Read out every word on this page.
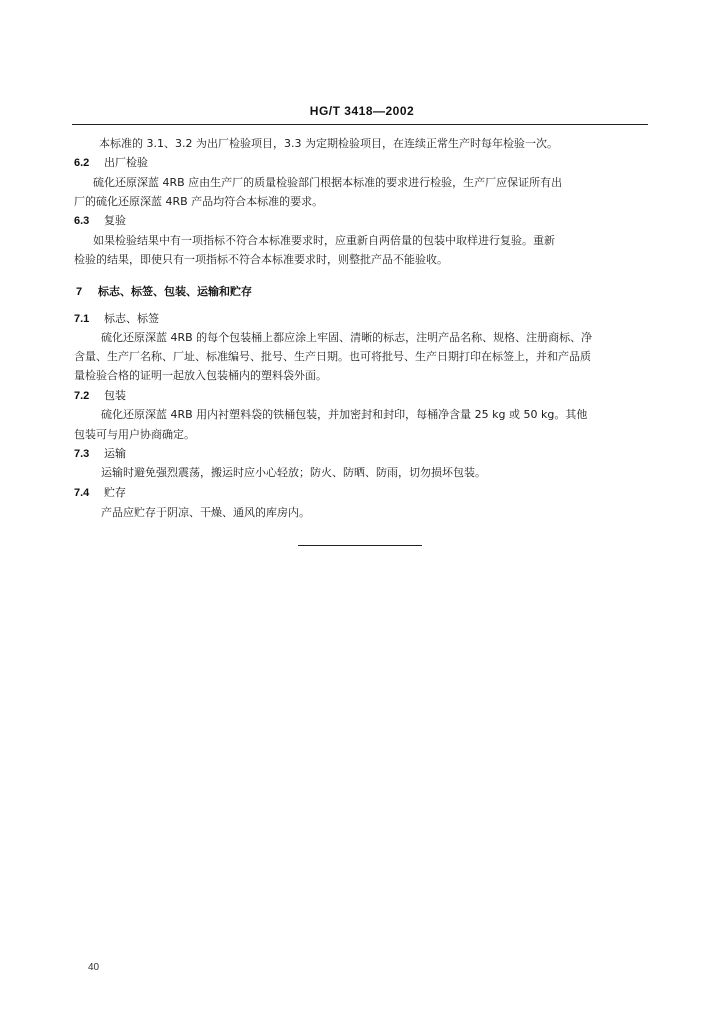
HG/T 3418—2002
本标准的 3.1、3.2 为出厂检验项目，3.3 为定期检验项目，在连续正常生产时每年检验一次。
6.2 出厂检验
硫化还原深蓝 4RB 应由生产厂的质量检验部门根据本标准的要求进行检验，生产厂应保证所有出
厂的硫化还原深蓝 4RB 产品均符合本标准的要求。
6.3 复验
如果检验结果中有一项指标不符合本标准要求时，应重新自两倍量的包装中取样进行复验。重新
检验的结果，即使只有一项指标不符合本标准要求时，则整批产品不能验收。
7 标志、标签、包装、运输和贮存
7.1 标志、标签
硫化还原深蓝 4RB 的每个包装桶上都应涂上牢固、清晰的标志，注明产品名称、规格、注册商标、净
含量、生产厂名称、厂址、标准编号、批号、生产日期。也可将批号、生产日期打印在标签上，并和产品质
量检验合格的证明一起放入包装桶内的塑料袋外面。
7.2 包装
硫化还原深蓝 4RB 用内衬塑料袋的铁桶包装，并加密封和封印，每桶净含量 25 kg 或 50 kg。其他
包装可与用户协商确定。
7.3 运输
运输时避免强烈震荡，搬运时应小心轻放；防火、防晒、防雨，切勿损坏包装。
7.4 贮存
产品应贮存于阴凉、干燥、通风的库房内。
40
